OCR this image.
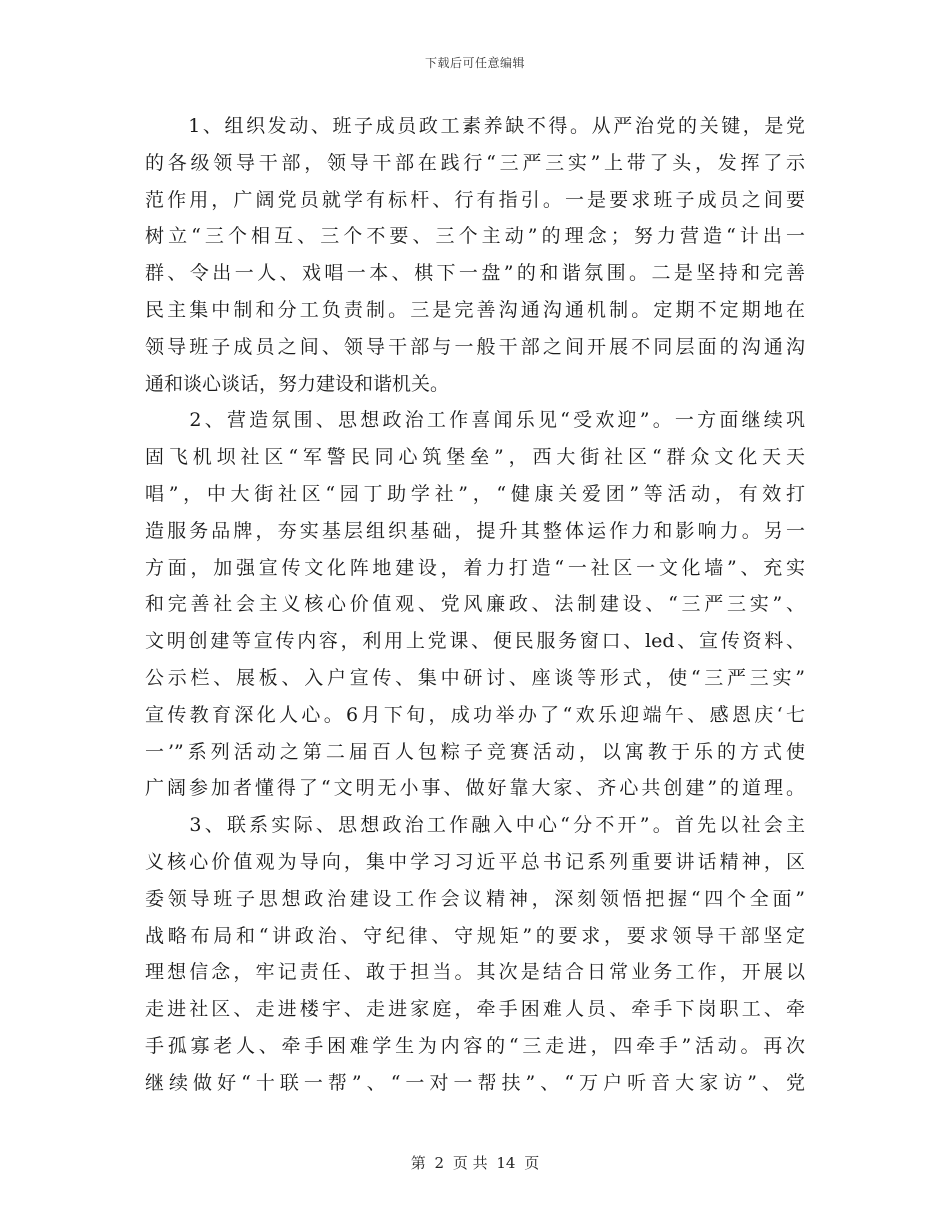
下载后可任意编辑
　　1、组织发动、班子成员政工素养缺不得。从严治党的关键，是党
的各级领导干部，领导干部在践行“三严三实”上带了头，发挥了示
范作用，广阔党员就学有标杆、行有指引。一是要求班子成员之间要
树立“三个相互、三个不要、三个主动”的理念；努力营造“计出一
群、令出一人、戏唱一本、棋下一盘”的和谐氛围。二是坚持和完善
民主集中制和分工负责制。三是完善沟通沟通机制。定期不定期地在
领导班子成员之间、领导干部与一般干部之间开展不同层面的沟通沟
通和谈心谈话，努力建设和谐机关。
　　2、营造氛围、思想政治工作喜闻乐见“受欢迎”。一方面继续巩
固飞机坝社区“军警民同心筑堡垒”，西大街社区“群众文化天天
唱”，中大街社区“园丁助学社”，“健康关爱团”等活动，有效打
造服务品牌，夯实基层组织基础，提升其整体运作力和影响力。另一
方面，加强宣传文化阵地建设，着力打造“一社区一文化墙”、充实
和完善社会主义核心价值观、党风廉政、法制建设、“三严三实”、
文明创建等宣传内容，利用上党课、便民服务窗口、led、宣传资料、
公示栏、展板、入户宣传、集中研讨、座谈等形式，使“三严三实”
宣传教育深化人心。6月下旬，成功举办了“欢乐迎端午、感恩庆‘七
一’”系列活动之第二届百人包粽子竞赛活动，以寓教于乐的方式使
广阔参加者懂得了“文明无小事、做好靠大家、齐心共创建”的道理。
　　3、联系实际、思想政治工作融入中心“分不开”。首先以社会主
义核心价值观为导向，集中学习习近平总书记系列重要讲话精神，区
委领导班子思想政治建设工作会议精神，深刻领悟把握“四个全面”
战略布局和“讲政治、守纪律、守规矩”的要求，要求领导干部坚定
理想信念，牢记责任、敢于担当。其次是结合日常业务工作，开展以
走进社区、走进楼宇、走进家庭，牵手困难人员、牵手下岗职工、牵
手孤寡老人、牵手困难学生为内容的“三走进，四牵手”活动。再次
继续做好“十联一帮”、“一对一帮扶”、“万户听音大家访”、党
第 2 页 共 14 页
